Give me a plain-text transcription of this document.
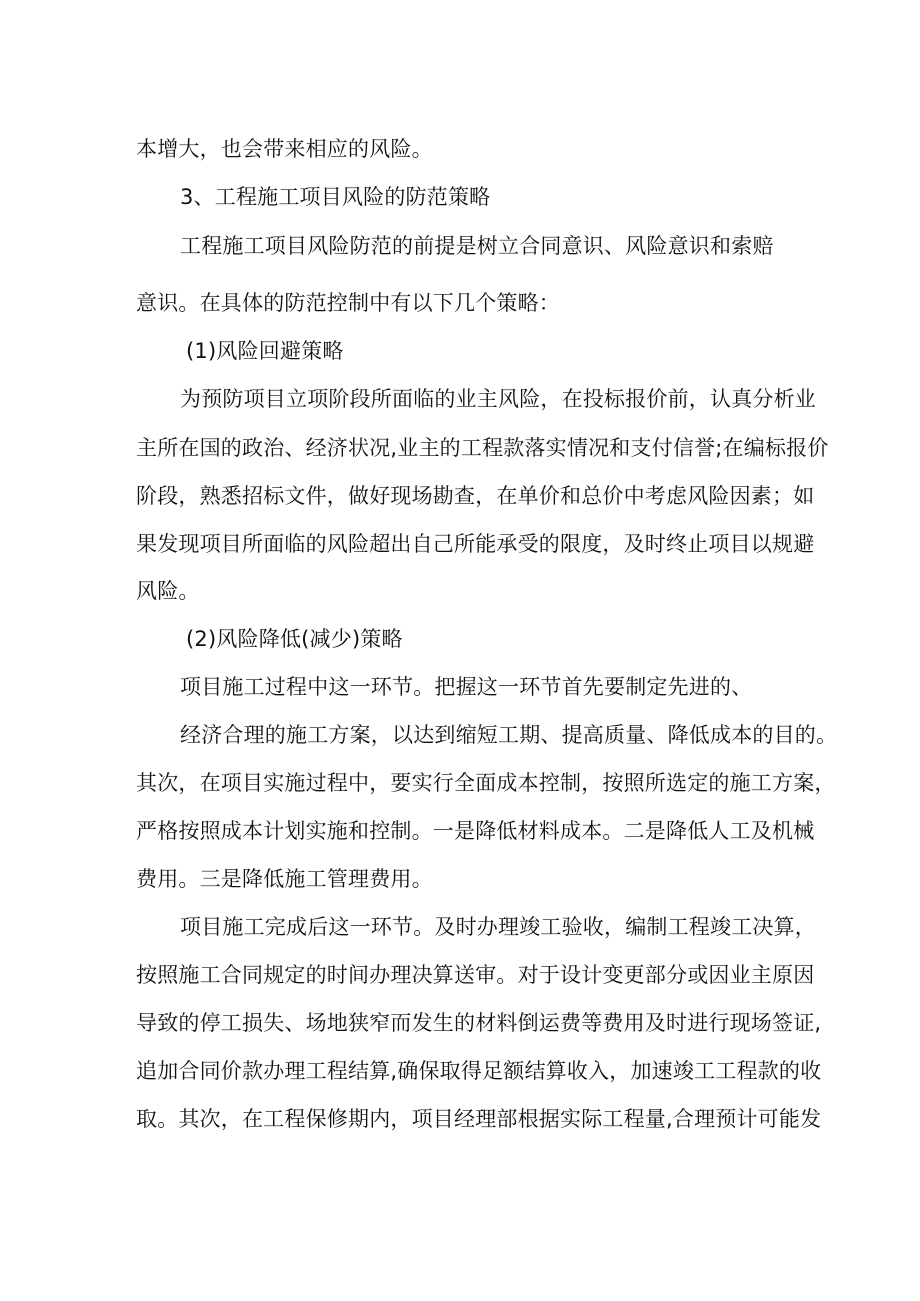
本增大，也会带来相应的风险。
3、工程施工项目风险的防范策略
工程施工项目风险防范的前提是树立合同意识、风险意识和索赔
意识。在具体的防范控制中有以下几个策略：
(1)风险回避策略
为预防项目立项阶段所面临的业主风险，在投标报价前，认真分析业
主所在国的政治、经济状况,业主的工程款落实情况和支付信誉;在编标报价
阶段，熟悉招标文件，做好现场勘查，在单价和总价中考虑风险因素；如
果发现项目所面临的风险超出自己所能承受的限度，及时终止项目以规避
风险。
(2)风险降低(减少)策略
项目施工过程中这一环节。把握这一环节首先要制定先进的、
经济合理的施工方案，以达到缩短工期、提高质量、降低成本的目的。
其次，在项目实施过程中，要实行全面成本控制，按照所选定的施工方案，
严格按照成本计划实施和控制。一是降低材料成本。二是降低人工及机械
费用。三是降低施工管理费用。
项目施工完成后这一环节。及时办理竣工验收，编制工程竣工决算，
按照施工合同规定的时间办理决算送审。对于设计变更部分或因业主原因
导致的停工损失、场地狭窄而发生的材料倒运费等费用及时进行现场签证,
追加合同价款办理工程结算,确保取得足额结算收入，加速竣工工程款的收
取。其次，在工程保修期内，项目经理部根据实际工程量,合理预计可能发
